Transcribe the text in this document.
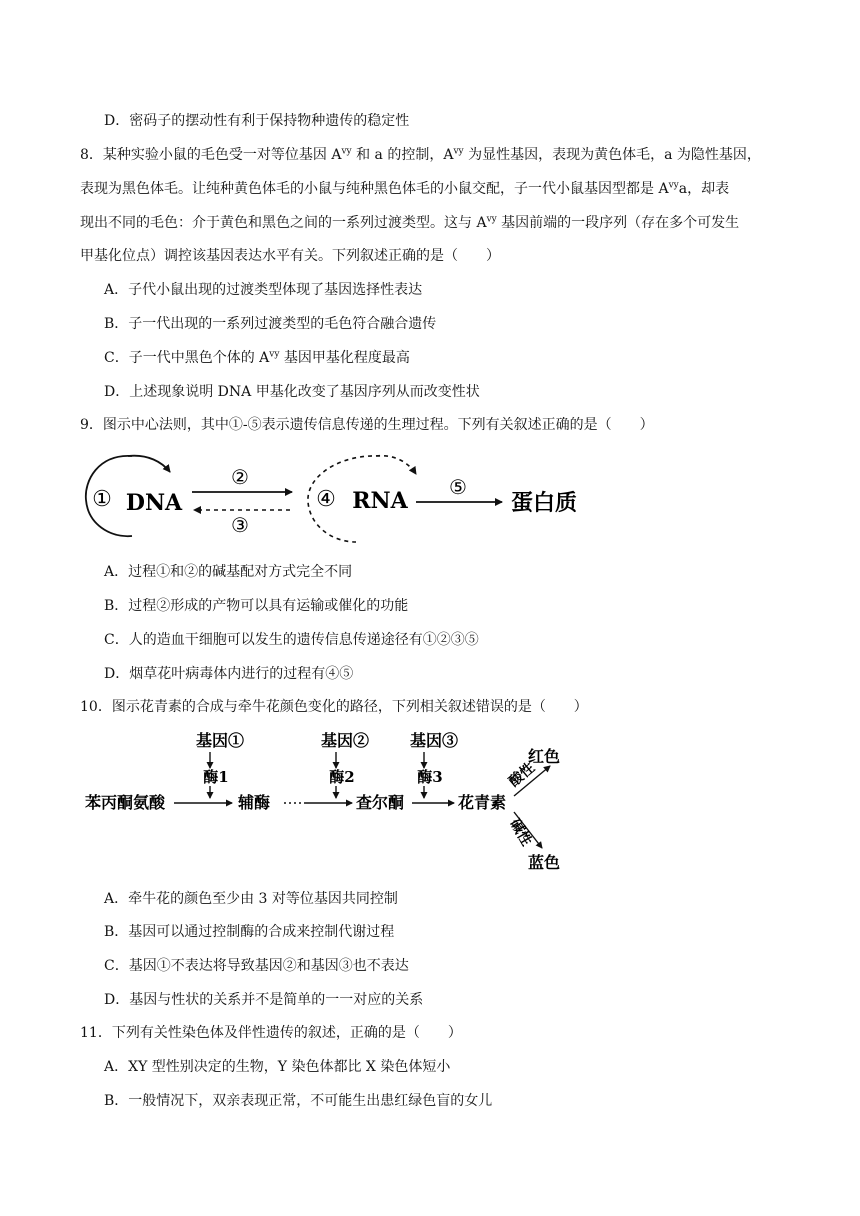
D．密码子的摆动性有利于保持物种遗传的稳定性
8．某种实验小鼠的毛色受一对等位基因 $A^{vy}$ 和 a 的控制，$A^{vy}$ 为显性基因，表现为黄色体毛，a 为隐性基因，
表现为黑色体毛。让纯种黄色体毛的小鼠与纯种黑色体毛的小鼠交配，子一代小鼠基因型都是 $A^{vy}a$，却表
现出不同的毛色：介于黄色和黑色之间的一系列过渡类型。这与 $A^{vy}$ 基因前端的一段序列（存在多个可发生
甲基化位点）调控该基因表达水平有关。下列叙述正确的是（　　）
A．子代小鼠出现的过渡类型体现了基因选择性表达
B．子一代出现的一系列过渡类型的毛色符合融合遗传
C．子一代中黑色个体的 $A^{vy}$ 基因甲基化程度最高
D．上述现象说明 DNA 甲基化改变了基因序列从而改变性状
9．图示中心法则，其中①-⑤表示遗传信息传递的生理过程。下列有关叙述正确的是（　　）
① DNA
②
③
④ RNA
⑤
蛋白质
A．过程①和②的碱基配对方式完全不同
B．过程②形成的产物可以具有运输或催化的功能
C．人的造血干细胞可以发生的遗传信息传递途径有①②③⑤
D．烟草花叶病毒体内进行的过程有④⑤
10．图示花青素的合成与牵牛花颜色变化的路径，下列相关叙述错误的是（　　）
基因①	基因②	基因③
酶1	酶2	酶3
苯丙酮氨酸	辅酶	查尔酮	花青素
酸性
红色
碱性
蓝色
A．牵牛花的颜色至少由 3 对等位基因共同控制
B．基因可以通过控制酶的合成来控制代谢过程
C．基因①不表达将导致基因②和基因③也不表达
D．基因与性状的关系并不是简单的一一对应的关系
11．下列有关性染色体及伴性遗传的叙述，正确的是（　　）
A．XY 型性别决定的生物，Y 染色体都比 X 染色体短小
B．一般情况下，双亲表现正常，不可能生出患红绿色盲的女儿
